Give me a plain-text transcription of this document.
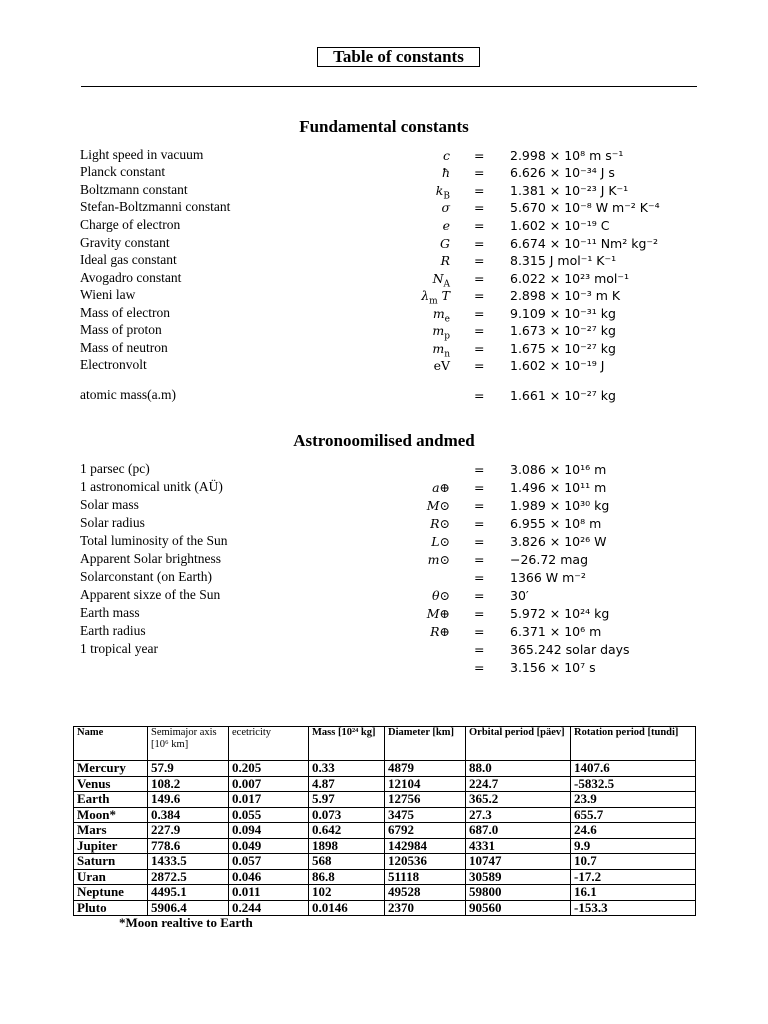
Table of constants
Fundamental constants
Light speed in vacuum	c = 2.998 × 10⁸ m s⁻¹
Planck constant	ħ = 6.626 × 10⁻³⁴ J s
Boltzmann constant	$k_B = 1.381 \times 10^{-23}$ J K⁻¹
Stefan-Boltzmanni constant	σ = 5.670 × 10⁻⁸ W m⁻² K⁻⁴
Charge of electron	e = 1.602 × 10⁻¹⁹ C
Gravity constant	G = 6.674 × 10⁻¹¹ Nm² kg⁻²
Ideal gas constant	R = 8.315 J mol⁻¹ K⁻¹
Avogadro constant	$N_A = 6.022 \times 10^{23}$ mol⁻¹
Wieni law	$\lambda_m$ T = 2.898 × 10⁻³ m K
Mass of electron	$m_e = 9.109 \times 10^{-31}$ kg
Mass of proton	$m_p = 1.673 \times 10^{-27}$ kg
Mass of neutron	$m_n = 1.675 \times 10^{-27}$ kg
Electronvolt	eV = 1.602 × 10⁻¹⁹ J
atomic mass(a.m)	= 1.661 × 10⁻²⁷ kg
Astronoomilised andmed
1 parsec (pc)	= 3.086 × 10¹⁶ m
1 astronomical unitk (AÜ)	a⊕ = 1.496 × 10¹¹ m
Solar mass	M⊙ = 1.989 × 10³⁰ kg
Solar radius	R⊙ = 6.955 × 10⁸ m
Total luminosity of the Sun	L⊙ = 3.826 × 10²⁶ W
Apparent Solar brightness	m⊙ = −26.72 mag
Solarconstant (on Earth)	= 1366 W m⁻²
Apparent sixze of the Sun	θ⊙ = 30′
Earth mass	M⊕ = 5.972 × 10²⁴ kg
Earth radius	R⊕ = 6.371 × 10⁶ m
1 tropical year	= 365.242 solar days
= 3.156 × 10⁷ s
Name	Semimajor axis [10⁶ km]	ecetricity	Mass [10²⁴ kg]	Diameter [km]	Orbital period [päev]	Rotation period [tundi]
Mercury	57.9	0.205	0.33	4879	88.0	1407.6
Venus	108.2	0.007	4.87	12104	224.7	-5832.5
Earth	149.6	0.017	5.97	12756	365.2	23.9
Moon*	0.384	0.055	0.073	3475	27.3	655.7
Mars	227.9	0.094	0.642	6792	687.0	24.6
Jupiter	778.6	0.049	1898	142984	4331	9.9
Saturn	1433.5	0.057	568	120536	10747	10.7
Uran	2872.5	0.046	86.8	51118	30589	-17.2
Neptune	4495.1	0.011	102	49528	59800	16.1
Pluto	5906.4	0.244	0.0146	2370	90560	-153.3
*Moon realtive to Earth
